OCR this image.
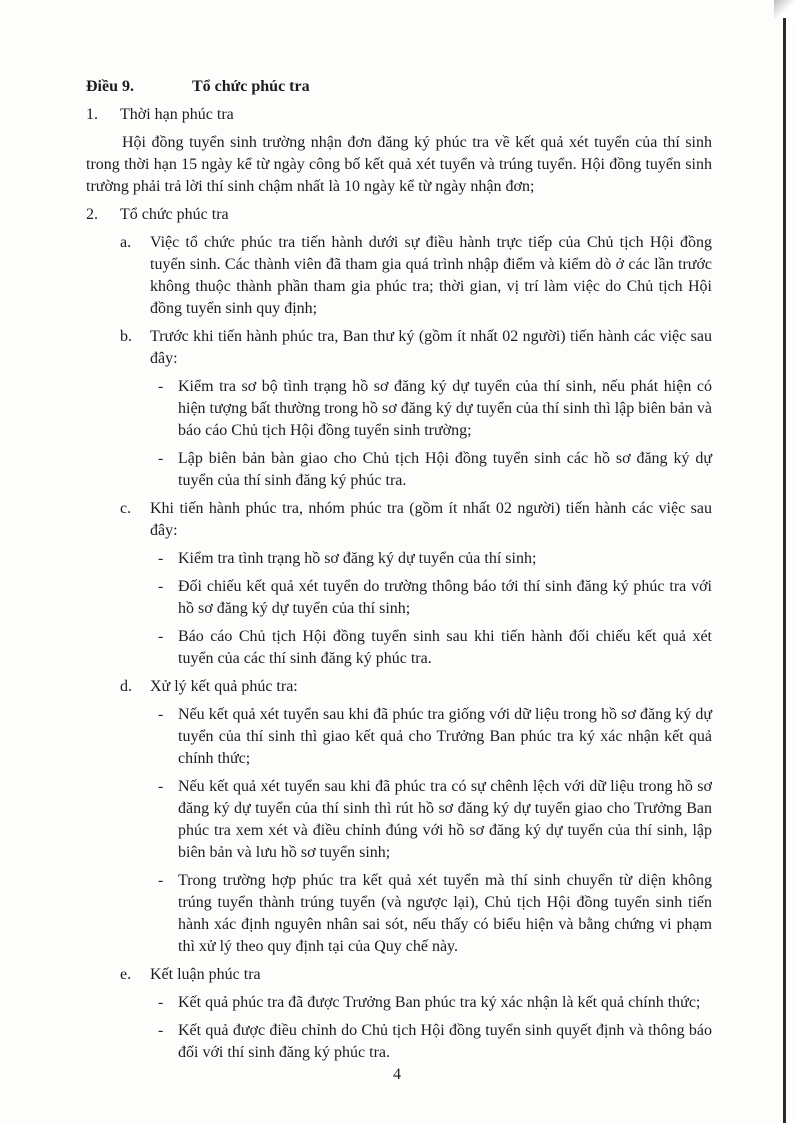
Điều 9.	Tổ chức phúc tra
1.	Thời hạn phúc tra
Hội đồng tuyển sinh trường nhận đơn đăng ký phúc tra về kết quả xét tuyển của thí sinh trong thời hạn 15 ngày kể từ ngày công bố kết quả xét tuyển và trúng tuyển. Hội đồng tuyển sinh trường phải trả lời thí sinh chậm nhất là 10 ngày kể từ ngày nhận đơn;
2.	Tổ chức phúc tra
a.	Việc tổ chức phúc tra tiến hành dưới sự điều hành trực tiếp của Chủ tịch Hội đồng tuyển sinh. Các thành viên đã tham gia quá trình nhập điểm và kiểm dò ở các lần trước không thuộc thành phần tham gia phúc tra; thời gian, vị trí làm việc do Chủ tịch Hội đồng tuyển sinh quy định;
b.	Trước khi tiến hành phúc tra, Ban thư ký (gồm ít nhất 02 người) tiến hành các việc sau đây:
- Kiểm tra sơ bộ tình trạng hồ sơ đăng ký dự tuyển của thí sinh, nếu phát hiện có hiện tượng bất thường trong hồ sơ đăng ký dự tuyển của thí sinh thì lập biên bản và báo cáo Chủ tịch Hội đồng tuyển sinh trường;
- Lập biên bản bàn giao cho Chủ tịch Hội đồng tuyển sinh các hồ sơ đăng ký dự tuyển của thí sinh đăng ký phúc tra.
c.	Khi tiến hành phúc tra, nhóm phúc tra (gồm ít nhất 02 người) tiến hành các việc sau đây:
- Kiểm tra tình trạng hồ sơ đăng ký dự tuyển của thí sinh;
- Đối chiếu kết quả xét tuyển do trường thông báo tới thí sinh đăng ký phúc tra với hồ sơ đăng ký dự tuyển của thí sinh;
- Báo cáo Chủ tịch Hội đồng tuyển sinh sau khi tiến hành đối chiếu kết quả xét tuyển của các thí sinh đăng ký phúc tra.
d.	Xử lý kết quả phúc tra:
- Nếu kết quả xét tuyển sau khi đã phúc tra giống với dữ liệu trong hồ sơ đăng ký dự tuyển của thí sinh thì giao kết quả cho Trưởng Ban phúc tra ký xác nhận kết quả chính thức;
- Nếu kết quả xét tuyển sau khi đã phúc tra có sự chênh lệch với dữ liệu trong hồ sơ đăng ký dự tuyển của thí sinh thì rút hồ sơ đăng ký dự tuyển giao cho Trưởng Ban phúc tra xem xét và điều chỉnh đúng với hồ sơ đăng ký dự tuyển của thí sinh, lập biên bản và lưu hồ sơ tuyển sinh;
- Trong trường hợp phúc tra kết quả xét tuyển mà thí sinh chuyển từ diện không trúng tuyển thành trúng tuyển (và ngược lại), Chủ tịch Hội đồng tuyển sinh tiến hành xác định nguyên nhân sai sót, nếu thấy có biểu hiện và bằng chứng vi phạm thì xử lý theo quy định tại của Quy chế này.
e.	Kết luận phúc tra
- Kết quả phúc tra đã được Trưởng Ban phúc tra ký xác nhận là kết quả chính thức;
- Kết quả được điều chỉnh do Chủ tịch Hội đồng tuyển sinh quyết định và thông báo đối với thí sinh đăng ký phúc tra.
4
